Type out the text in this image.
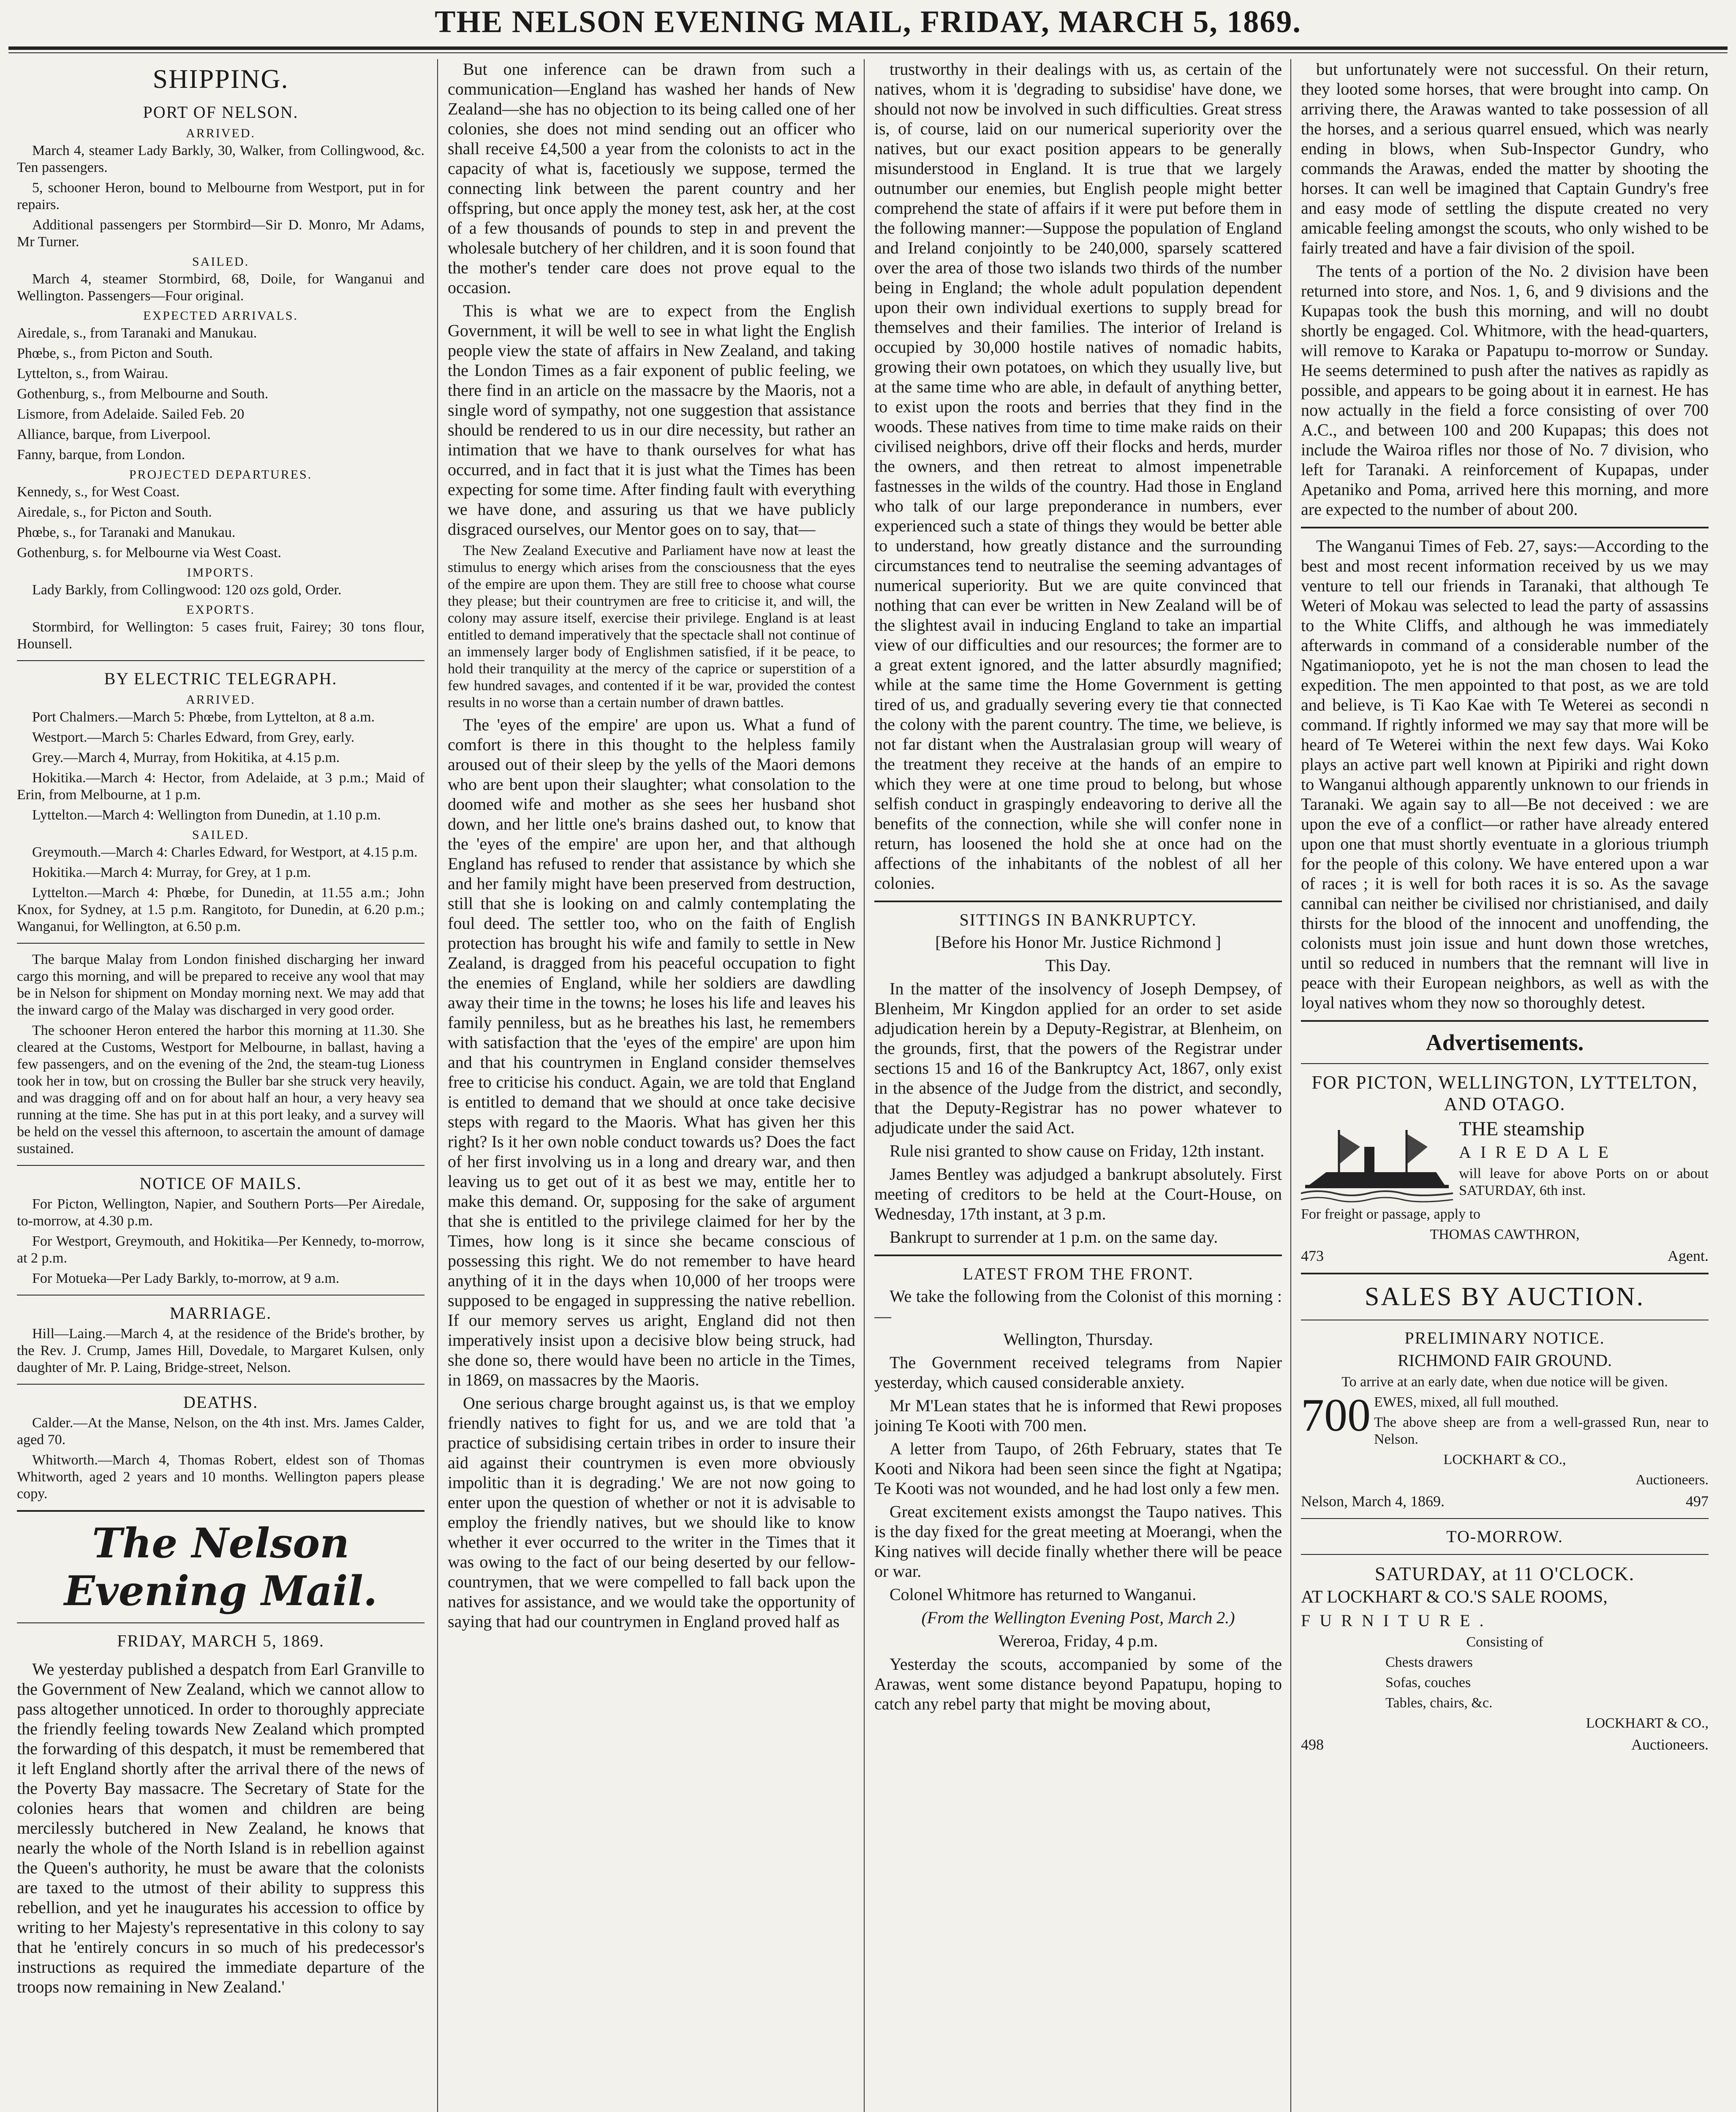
THE NELSON EVENING MAIL, FRIDAY, MARCH 5, 1869.
SHIPPING.
PORT OF NELSON.
ARRIVED.

March 4, steamer Lady Barkly, 30, Walker, from Collingwood, &c. Ten passengers.

5, schooner Heron, bound to Melbourne from Westport, put in for repairs.

Additional passengers per Stormbird—Sir D. Monro, Mr Adams, Mr Turner.

SAILED.

March 4, steamer Stormbird, 68, Doile, for Wanganui and Wellington. Passengers—Four original.

EXPECTED ARRIVALS.

Airedale, s., from Taranaki and Manukau.

Phœbe, s., from Picton and South.

Lyttelton, s., from Wairau.

Gothenburg, s., from Melbourne and South.

Lismore, from Adelaide. Sailed Feb. 20

Alliance, barque, from Liverpool.

Fanny, barque, from London.

PROJECTED DEPARTURES.

Kennedy, s., for West Coast.

Airedale, s., for Picton and South.

Phœbe, s., for Taranaki and Manukau.

Gothenburg, s. for Melbourne via West Coast.

IMPORTS.

Lady Barkly, from Collingwood: 120 ozs gold, Order.

EXPORTS.

Stormbird, for Wellington: 5 cases fruit, Fairey; 30 tons flour, Hounsell.

BY ELECTRIC TELEGRAPH.
ARRIVED.

Port Chalmers.—March 5: Phœbe, from Lyttelton, at 8 a.m.

Westport.—March 5: Charles Edward, from Grey, early.

Grey.—March 4, Murray, from Hokitika, at 4.15 p.m.

Hokitika.—March 4: Hector, from Adelaide, at 3 p.m.; Maid of Erin, from Melbourne, at 1 p.m.

Lyttelton.—March 4: Wellington from Dunedin, at 1.10 p.m.

SAILED.

Greymouth.—March 4: Charles Edward, for Westport, at 4.15 p.m.

Hokitika.—March 4: Murray, for Grey, at 1 p.m.

Lyttelton.—March 4: Phœbe, for Dunedin, at 11.55 a.m.; John Knox, for Sydney, at 1.5 p.m. Rangitoto, for Dunedin, at 6.20 p.m.; Wanganui, for Wellington, at 6.50 p.m.

The barque Malay from London finished discharging her inward cargo this morning, and will be prepared to receive any wool that may be in Nelson for shipment on Monday morning next. We may add that the inward cargo of the Malay was discharged in very good order.

The schooner Heron entered the harbor this morning at 11.30. She cleared at the Customs, Westport for Melbourne, in ballast, having a few passengers, and on the evening of the 2nd, the steam-tug Lioness took her in tow, but on crossing the Buller bar she struck very heavily, and was dragging off and on for about half an hour, a very heavy sea running at the time. She has put in at this port leaky, and a survey will be held on the vessel this afternoon, to ascertain the amount of damage sustained.

NOTICE OF MAILS.

For Picton, Wellington, Napier, and Southern Ports—Per Airedale, to-morrow, at 4.30 p.m.

For Westport, Greymouth, and Hokitika—Per Kennedy, to-morrow, at 2 p.m.

For Motueka—Per Lady Barkly, to-morrow, at 9 a.m.

MARRIAGE.

Hill—Laing.—March 4, at the residence of the Bride's brother, by the Rev. J. Crump, James Hill, Dovedale, to Margaret Kulsen, only daughter of Mr. P. Laing, Bridge-street, Nelson.

DEATHS.

Calder.—At the Manse, Nelson, on the 4th inst. Mrs. James Calder, aged 70.

Whitworth.—March 4, Thomas Robert, eldest son of Thomas Whitworth, aged 2 years and 10 months. Wellington papers please copy.

The Nelson Evening Mail.
FRIDAY, MARCH 5, 1869.

We yesterday published a despatch from Earl Granville to the Government of New Zealand, which we cannot allow to pass altogether unnoticed. In order to thoroughly appreciate the friendly feeling towards New Zealand which prompted the forwarding of this despatch, it must be remembered that it left England shortly after the arrival there of the news of the Poverty Bay massacre. The Secretary of State for the colonies hears that women and children are being mercilessly butchered in New Zealand, he knows that nearly the whole of the North Island is in rebellion against the Queen's authority, he must be aware that the colonists are taxed to the utmost of their ability to suppress this rebellion, and yet he inaugurates his accession to office by writing to her Majesty's representative in this colony to say that he 'entirely concurs in so much of his predecessor's instructions as required the immediate departure of the troops now remaining in New Zealand.'

But one inference can be drawn from such a communication—England has washed her hands of New Zealand—she has no objection to its being called one of her colonies, she does not mind sending out an officer who shall receive £4,500 a year from the colonists to act in the capacity of what is, facetiously we suppose, termed the connecting link between the parent country and her offspring, but once apply the money test, ask her, at the cost of a few thousands of pounds to step in and prevent the wholesale butchery of her children, and it is soon found that the mother's tender care does not prove equal to the occasion.

This is what we are to expect from the English Government, it will be well to see in what light the English people view the state of affairs in New Zealand, and taking the London Times as a fair exponent of public feeling, we there find in an article on the massacre by the Maoris, not a single word of sympathy, not one suggestion that assistance should be rendered to us in our dire necessity, but rather an intimation that we have to thank ourselves for what has occurred, and in fact that it is just what the Times has been expecting for some time. After finding fault with everything we have done, and assuring us that we have publicly disgraced ourselves, our Mentor goes on to say, that—

The New Zealand Executive and Parliament have now at least the stimulus to energy which arises from the consciousness that the eyes of the empire are upon them. They are still free to choose what course they please; but their countrymen are free to criticise it, and will, the colony may assure itself, exercise their privilege. England is at least entitled to demand imperatively that the spectacle shall not continue of an immensely larger body of Englishmen satisfied, if it be peace, to hold their tranquility at the mercy of the caprice or superstition of a few hundred savages, and contented if it be war, provided the contest results in no worse than a certain number of drawn battles.

The 'eyes of the empire' are upon us. What a fund of comfort is there in this thought to the helpless family aroused out of their sleep by the yells of the Maori demons who are bent upon their slaughter; what consolation to the doomed wife and mother as she sees her husband shot down, and her little one's brains dashed out, to know that the 'eyes of the empire' are upon her, and that although England has refused to render that assistance by which she and her family might have been preserved from destruction, still that she is looking on and calmly contemplating the foul deed. The settler too, who on the faith of English protection has brought his wife and family to settle in New Zealand, is dragged from his peaceful occupation to fight the enemies of England, while her soldiers are dawdling away their time in the towns; he loses his life and leaves his family penniless, but as he breathes his last, he remembers with satisfaction that the 'eyes of the empire' are upon him and that his countrymen in England consider themselves free to criticise his conduct. Again, we are told that England is entitled to demand that we should at once take decisive steps with regard to the Maoris. What has given her this right? Is it her own noble conduct towards us? Does the fact of her first involving us in a long and dreary war, and then leaving us to get out of it as best we may, entitle her to make this demand. Or, supposing for the sake of argument that she is entitled to the privilege claimed for her by the Times, how long is it since she became conscious of possessing this right. We do not remember to have heard anything of it in the days when 10,000 of her troops were supposed to be engaged in suppressing the native rebellion. If our memory serves us aright, England did not then imperatively insist upon a decisive blow being struck, had she done so, there would have been no article in the Times, in 1869, on massacres by the Maoris.

One serious charge brought against us, is that we employ friendly natives to fight for us, and we are told that 'a practice of subsidising certain tribes in order to insure their aid against their countrymen is even more obviously impolitic than it is degrading.' We are not now going to enter upon the question of whether or not it is advisable to employ the friendly natives, but we should like to know whether it ever occurred to the writer in the Times that it was owing to the fact of our being deserted by our fellow-countrymen, that we were compelled to fall back upon the natives for assistance, and we would take the opportunity of saying that had our countrymen in England proved half as

trustworthy in their dealings with us, as certain of the natives, whom it is 'degrading to subsidise' have done, we should not now be involved in such difficulties. Great stress is, of course, laid on our numerical superiority over the natives, but our exact position appears to be generally misunderstood in England. It is true that we largely outnumber our enemies, but English people might better comprehend the state of affairs if it were put before them in the following manner:—Suppose the population of England and Ireland conjointly to be 240,000, sparsely scattered over the area of those two islands two thirds of the number being in England; the whole adult population dependent upon their own individual exertions to supply bread for themselves and their families. The interior of Ireland is occupied by 30,000 hostile natives of nomadic habits, growing their own potatoes, on which they usually live, but at the same time who are able, in default of anything better, to exist upon the roots and berries that they find in the woods. These natives from time to time make raids on their civilised neighbors, drive off their flocks and herds, murder the owners, and then retreat to almost impenetrable fastnesses in the wilds of the country. Had those in England who talk of our large preponderance in numbers, ever experienced such a state of things they would be better able to understand, how greatly distance and the surrounding circumstances tend to neutralise the seeming advantages of numerical superiority. But we are quite convinced that nothing that can ever be written in New Zealand will be of the slightest avail in inducing England to take an impartial view of our difficulties and our resources; the former are to a great extent ignored, and the latter absurdly magnified; while at the same time the Home Government is getting tired of us, and gradually severing every tie that connected the colony with the parent country. The time, we believe, is not far distant when the Australasian group will weary of the treatment they receive at the hands of an empire to which they were at one time proud to belong, but whose selfish conduct in graspingly endeavoring to derive all the benefits of the connection, while she will confer none in return, has loosened the hold she at once had on the affections of the inhabitants of the noblest of all her colonies.

SITTINGS IN BANKRUPTCY.

[Before his Honor Mr. Justice Richmond ]

This Day.

In the matter of the insolvency of Joseph Dempsey, of Blenheim, Mr Kingdon applied for an order to set aside adjudication herein by a Deputy-Registrar, at Blenheim, on the grounds, first, that the powers of the Registrar under sections 15 and 16 of the Bankruptcy Act, 1867, only exist in the absence of the Judge from the district, and secondly, that the Deputy-Registrar has no power whatever to adjudicate under the said Act.

Rule nisi granted to show cause on Friday, 12th instant.

James Bentley was adjudged a bankrupt absolutely. First meeting of creditors to be held at the Court-House, on Wednesday, 17th instant, at 3 p.m.

Bankrupt to surrender at 1 p.m. on the same day.

LATEST FROM THE FRONT.

We take the following from the Colonist of this morning :—

Wellington, Thursday.

The Government received telegrams from Napier yesterday, which caused considerable anxiety.

Mr M'Lean states that he is informed that Rewi proposes joining Te Kooti with 700 men.

A letter from Taupo, of 26th February, states that Te Kooti and Nikora had been seen since the fight at Ngatipa; Te Kooti was not wounded, and he had lost only a few men.

Great excitement exists amongst the Taupo natives. This is the day fixed for the great meeting at Moerangi, when the King natives will decide finally whether there will be peace or war.

Colonel Whitmore has returned to Wanganui.

(From the Wellington Evening Post, March 2.)

Wereroa, Friday, 4 p.m.

Yesterday the scouts, accompanied by some of the Arawas, went some distance beyond Papatupu, hoping to catch any rebel party that might be moving about,

but unfortunately were not successful. On their return, they looted some horses, that were brought into camp. On arriving there, the Arawas wanted to take possession of all the horses, and a serious quarrel ensued, which was nearly ending in blows, when Sub-Inspector Gundry, who commands the Arawas, ended the matter by shooting the horses. It can well be imagined that Captain Gundry's free and easy mode of settling the dispute created no very amicable feeling amongst the scouts, who only wished to be fairly treated and have a fair division of the spoil.

The tents of a portion of the No. 2 division have been returned into store, and Nos. 1, 6, and 9 divisions and the Kupapas took the bush this morning, and will no doubt shortly be engaged. Col. Whitmore, with the head-quarters, will remove to Karaka or Papatupu to-morrow or Sunday. He seems determined to push after the natives as rapidly as possible, and appears to be going about it in earnest. He has now actually in the field a force consisting of over 700 A.C., and between 100 and 200 Kupapas; this does not include the Wairoa rifles nor those of No. 7 division, who left for Taranaki. A reinforcement of Kupapas, under Apetaniko and Poma, arrived here this morning, and more are expected to the number of about 200.

The Wanganui Times of Feb. 27, says:—According to the best and most recent information received by us we may venture to tell our friends in Taranaki, that although Te Weteri of Mokau was selected to lead the party of assassins to the White Cliffs, and although he was immediately afterwards in command of a considerable number of the Ngatimaniopoto, yet he is not the man chosen to lead the expedition. The men appointed to that post, as we are told and believe, is Ti Kao Kae with Te Weterei as secondi n command. If rightly informed we may say that more will be heard of Te Weterei within the next few days. Wai Koko plays an active part well known at Pipiriki and right down to Wanganui although apparently unknown to our friends in Taranaki. We again say to all—Be not deceived : we are upon the eve of a conflict—or rather have already entered upon one that must shortly eventuate in a glorious triumph for the people of this colony. We have entered upon a war of races ; it is well for both races it is so. As the savage cannibal can neither be civilised nor christianised, and daily thirsts for the blood of the innocent and unoffending, the colonists must join issue and hunt down those wretches, until so reduced in numbers that the remnant will live in peace with their European neighbors, as well as with the loyal natives whom they now so thoroughly detest.

Advertisements.
FOR PICTON, WELLINGTON, LYTTELTON, AND OTAGO.

THE steamship

AIREDALE

will leave for above Ports on or about SATURDAY, 6th inst.

For freight or passage, apply to

THOMAS CAWTHRON,

473	Agent.
SALES BY AUCTION.
PRELIMINARY NOTICE.

RICHMOND FAIR GROUND.

To arrive at an early date, when due notice will be given.

700 EWES, mixed, all full mouthed.

The above sheep are from a well-grassed Run, near to Nelson.

LOCKHART & CO.,

Auctioneers.

Nelson, March 4, 1869.	497
TO-MORROW.
SATURDAY, at 11 O'CLOCK.

AT LOCKHART & CO.'S SALE ROOMS,

FURNITURE.

Consisting of

Chests drawers

Sofas, couches

Tables, chairs, &c.

LOCKHART & CO.,

498	Auctioneers.
